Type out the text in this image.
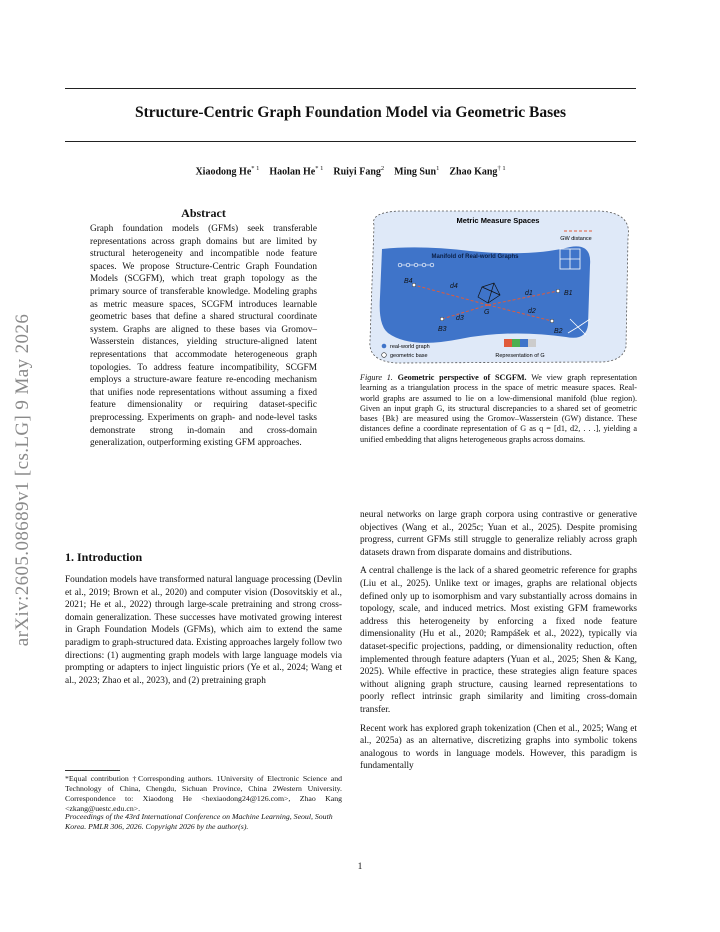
Structure-Centric Graph Foundation Model via Geometric Bases
Xiaodong He$^{* 1}$ Haolan He$^{* 1}$ Ruiyi Fang$^2$ Ming Sun$^1$ Zhao Kang$^{\dagger 1}$
arXiv:2605.08689v1 [cs.LG] 9 May 2026
Abstract
Graph foundation models (GFMs) seek transferable representations across graph domains but are limited by structural heterogeneity and incompatible node feature spaces. We propose Structure-Centric Graph Foundation Models (SCGFM), which treat graph topology as the primary source of transferable knowledge. Modeling graphs as metric measure spaces, SCGFM introduces learnable geometric bases that define a shared structural coordinate system. Graphs are aligned to these bases via Gromov–Wasserstein distances, yielding structure-aligned latent representations that accommodate heterogeneous graph topologies. To address feature incompatibility, SCGFM employs a structure-aware feature re-encoding mechanism that unifies node representations without assuming a fixed feature dimensionality or requiring dataset-specific preprocessing. Experiments on graph- and node-level tasks demonstrate strong in-domain and cross-domain generalization, outperforming existing GFM approaches.
1. Introduction
Foundation models have transformed natural language processing (Devlin et al., 2019; Brown et al., 2020) and computer vision (Dosovitskiy et al., 2021; He et al., 2022) through large-scale pretraining and strong cross-domain generalization. These successes have motivated growing interest in Graph Foundation Models (GFMs), which aim to extend the same paradigm to graph-structured data. Existing approaches largely follow two directions: (1) augmenting graph models with large language models via prompting or adapters to inject linguistic priors (Ye et al., 2024; Wang et al., 2023; Zhao et al., 2023), and (2) pretraining graph
*Equal contribution †Corresponding authors. 1University of Electronic Science and Technology of China, Chengdu, Sichuan Province, China 2Western University. Correspondence to: Xiaodong He <hexiaodong24@126.com>, Zhao Kang <zkang@uestc.edu.cn>.
Proceedings of the 43rd International Conference on Machine Learning, Seoul, South Korea. PMLR 306, 2026. Copyright 2026 by the author(s).
Metric Measure Spaces
GW distance
Manifold of Real-world Graphs
B4
B3
B1
B2
G
d4
d3
d1
d2
real-world graph
geometric base	Representation of G
Figure 1. Geometric perspective of SCGFM. We view graph representation learning as a triangulation process in the space of metric measure spaces. Real-world graphs are assumed to lie on a low-dimensional manifold (blue region). Given an input graph G, its structural discrepancies to a shared set of geometric bases {Bk} are measured using the Gromov–Wasserstein (GW) distance. These distances define a coordinate representation of G as q = [d1, d2, . . .], yielding a unified embedding that aligns heterogeneous graphs across domains.

neural networks on large graph corpora using contrastive or generative objectives (Wang et al., 2025c; Yuan et al., 2025). Despite promising progress, current GFMs still struggle to generalize reliably across graph datasets drawn from disparate domains and distributions.

A central challenge is the lack of a shared geometric reference for graphs (Liu et al., 2025). Unlike text or images, graphs are relational objects defined only up to isomorphism and vary substantially across domains in topology, scale, and induced metrics. Most existing GFM frameworks address this heterogeneity by enforcing a fixed node feature dimensionality (Hu et al., 2020; Rampášek et al., 2022), typically via dataset-specific projections, padding, or dimensionality reduction, often implemented through feature adapters (Yuan et al., 2025; Shen & Kang, 2025). While effective in practice, these strategies align feature spaces without aligning graph structure, causing learned representations to poorly reflect intrinsic graph similarity and limiting cross-domain transfer.

Recent work has explored graph tokenization (Chen et al., 2025; Wang et al., 2025a) as an alternative, discretizing graphs into symbolic tokens analogous to words in language models. However, this paradigm is fundamentally

1
